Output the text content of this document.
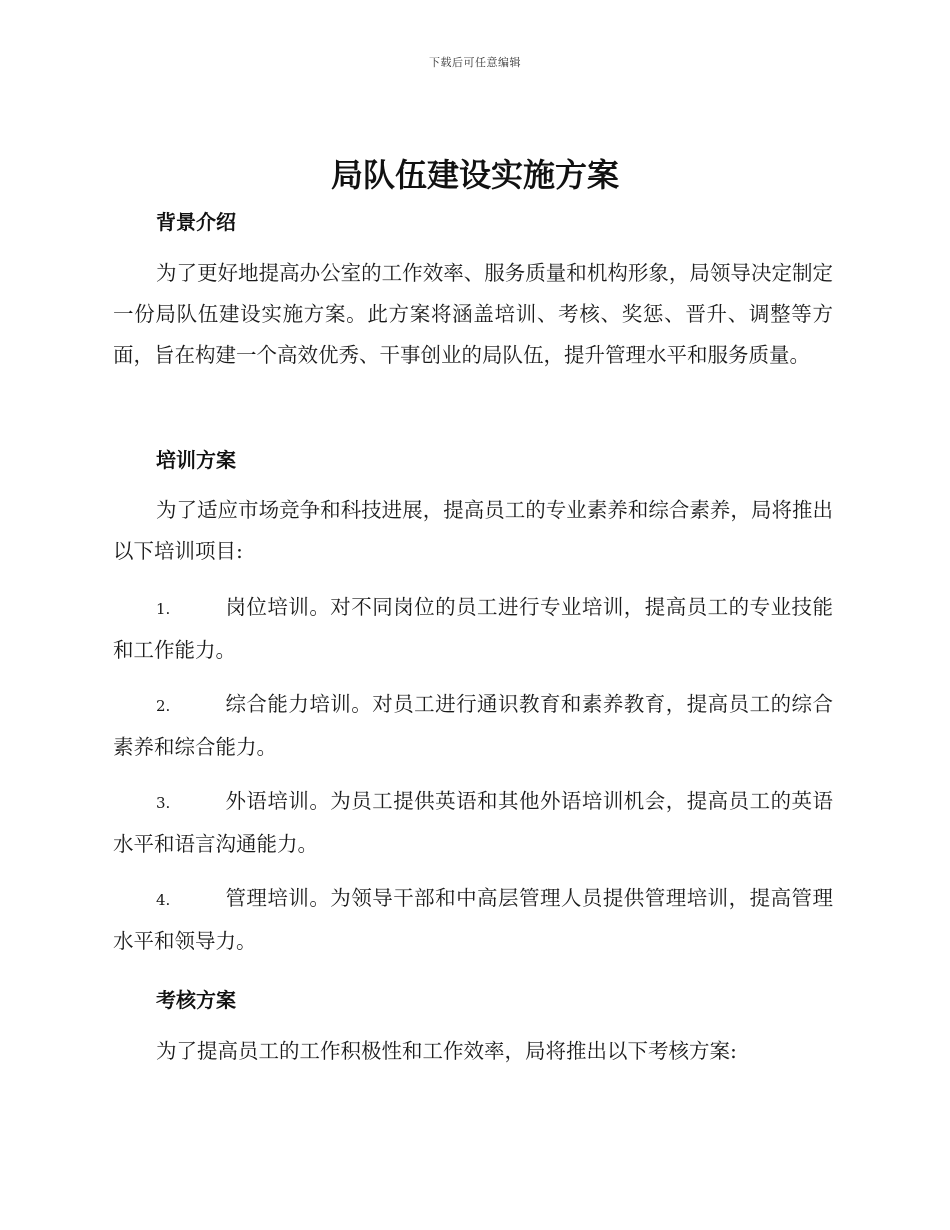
下载后可任意编辑
局队伍建设实施方案
背景介绍
为了更好地提高办公室的工作效率、服务质量和机构形象，局领导决定制定一份局队伍建设实施方案。此方案将涵盖培训、考核、奖惩、晋升、调整等方面，旨在构建一个高效优秀、干事创业的局队伍，提升管理水平和服务质量。
培训方案
为了适应市场竞争和科技进展，提高员工的专业素养和综合素养，局将推出以下培训项目:
1.	岗位培训。对不同岗位的员工进行专业培训，提高员工的专业技能和工作能力。
2.	综合能力培训。对员工进行通识教育和素养教育，提高员工的综合素养和综合能力。
3.	外语培训。为员工提供英语和其他外语培训机会，提高员工的英语水平和语言沟通能力。
4.	管理培训。为领导干部和中高层管理人员提供管理培训，提高管理水平和领导力。
考核方案
为了提高员工的工作积极性和工作效率，局将推出以下考核方案:
